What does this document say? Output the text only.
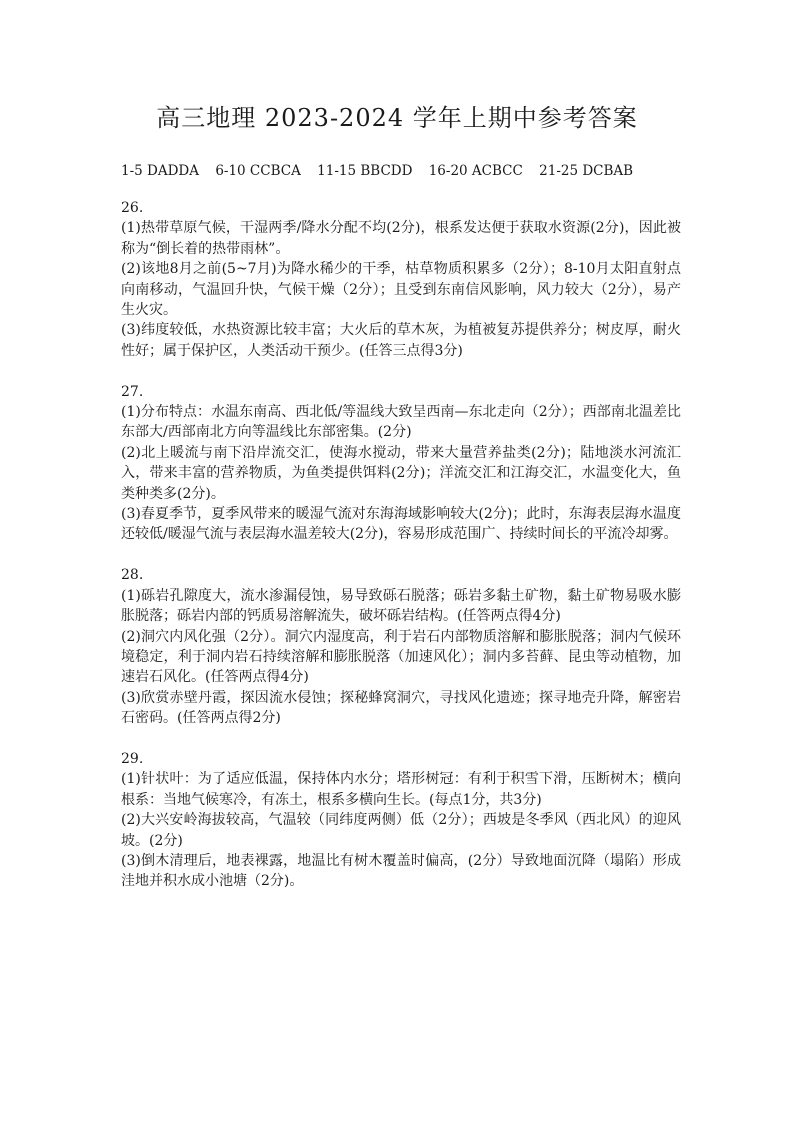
高三地理 2023-2024 学年上期中参考答案
1-5 DADDA 6-10 CCBCA 11-15 BBCDD 16-20 ACBCC 21-25 DCBAB

26.

(1)热带草原气候，干湿两季/降水分配不均(2分)，根系发达便于获取水资源(2分)，因此被称为“倒长着的热带雨林”。

(2)该地8月之前(5~7月)为降水稀少的干季，枯草物质积累多（2分）；8-10月太阳直射点向南移动，气温回升快，气候干燥（2分）；且受到东南信风影响，风力较大（2分），易产生火灾。

(3)纬度较低，水热资源比较丰富；大火后的草木灰，为植被复苏提供养分；树皮厚，耐火性好；属于保护区，人类活动干预少。(任答三点得3分)

27.

(1)分布特点：水温东南高、西北低/等温线大致呈西南—东北走向（2分）；西部南北温差比东部大/西部南北方向等温线比东部密集。(2分)

(2)北上暖流与南下沿岸流交汇，使海水搅动，带来大量营养盐类(2分)；陆地淡水河流汇入，带来丰富的营养物质，为鱼类提供饵料(2分)；洋流交汇和江海交汇，水温变化大，鱼类种类多(2分)。

(3)春夏季节，夏季风带来的暖湿气流对东海海域影响较大(2分)；此时，东海表层海水温度还较低/暖湿气流与表层海水温差较大(2分)，容易形成范围广、持续时间长的平流冷却雾。

28.

(1)砾岩孔隙度大，流水渗漏侵蚀，易导致砾石脱落；砾岩多黏土矿物，黏土矿物易吸水膨胀脱落；砾岩内部的钙质易溶解流失，破坏砾岩结构。(任答两点得4分)

(2)洞穴内风化强（2分）。洞穴内湿度高，利于岩石内部物质溶解和膨胀脱落；洞内气候环境稳定，利于洞内岩石持续溶解和膨胀脱落（加速风化）；洞内多苔藓、昆虫等动植物，加速岩石风化。(任答两点得4分)

(3)欣赏赤壁丹霞，探因流水侵蚀；探秘蜂窝洞穴，寻找风化遗迹；探寻地壳升降，解密岩石密码。(任答两点得2分)

29.

(1)针状叶：为了适应低温，保持体内水分；塔形树冠：有利于积雪下滑，压断树木；横向根系：当地气候寒冷，有冻土，根系多横向生长。(每点1分，共3分)

(2)大兴安岭海拔较高，气温较（同纬度两侧）低（2分）；西坡是冬季风（西北风）的迎风坡。(2分)

(3)倒木清理后，地表裸露，地温比有树木覆盖时偏高，(2分）导致地面沉降（塌陷）形成洼地并积水成小池塘（2分)。
